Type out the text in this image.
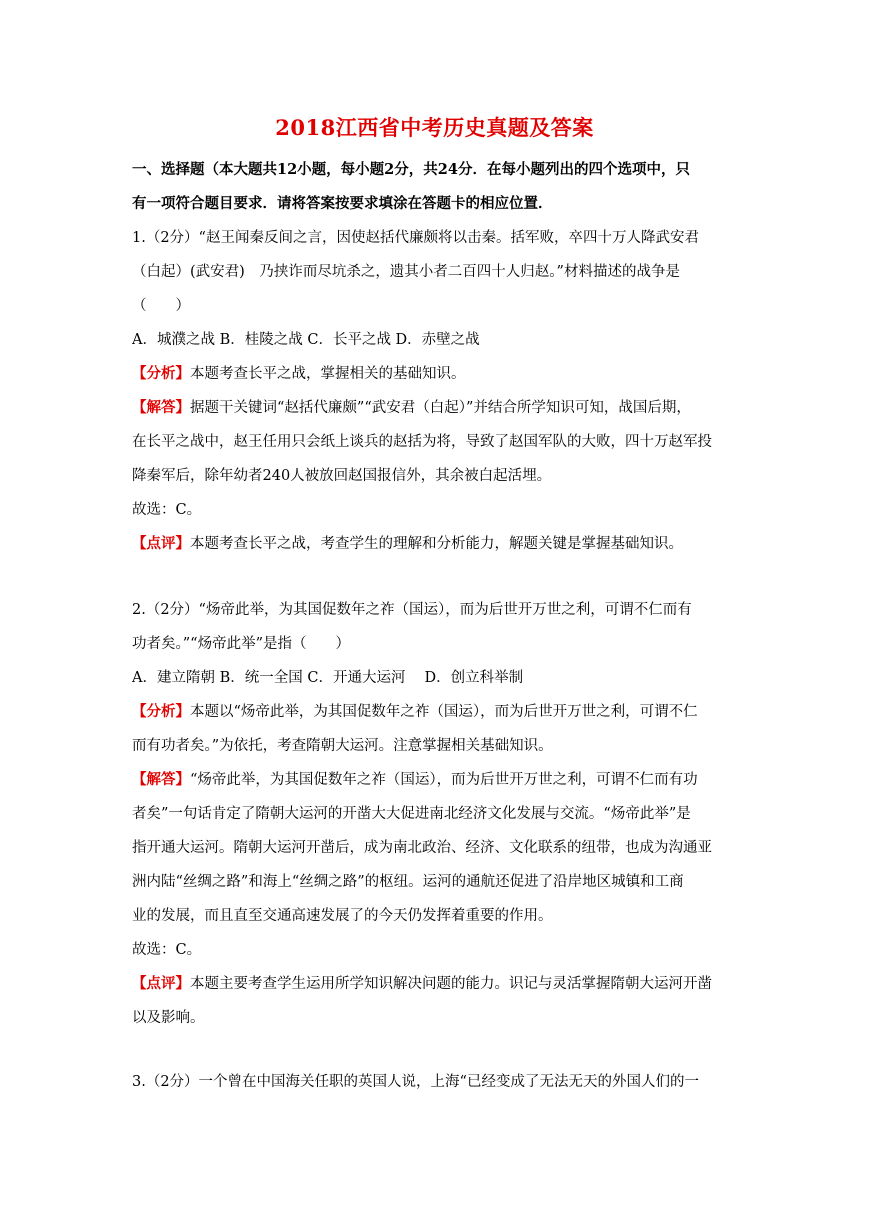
2018江西省中考历史真题及答案
一、选择题（本大题共12小题，每小题2分，共24分．在每小题列出的四个选项中，只
有一项符合题目要求．请将答案按要求填涂在答题卡的相应位置．
1.（2分）“赵王闻秦反间之言，因使赵括代廉颇将以击秦。括军败，卒四十万人降武安君
（白起）(武安君)　乃挟诈而尽坑杀之，遗其小者二百四十人归赵。”材料描述的战争是
（　　）
A．城濮之战 B．桂陵之战 C．长平之战 D．赤壁之战
【分析】本题考查长平之战，掌握相关的基础知识。
【解答】据题干关键词“赵括代廉颇”“武安君（白起）”并结合所学知识可知，战国后期，
在长平之战中，赵王任用只会纸上谈兵的赵括为将，导致了赵国军队的大败，四十万赵军投
降秦军后，除年幼者240人被放回赵国报信外，其余被白起活埋。
故选：C。
【点评】本题考查长平之战，考查学生的理解和分析能力，解题关键是掌握基础知识。
2.（2分）“炀帝此举，为其国促数年之祚（国运），而为后世开万世之利，可谓不仁而有
功者矣。”“炀帝此举”是指（　　）
A．建立隋朝 B．统一全国 C．开通大运河　 D．创立科举制
【分析】本题以“炀帝此举，为其国促数年之祚（国运），而为后世开万世之利，可谓不仁
而有功者矣。”为依托，考查隋朝大运河。注意掌握相关基础知识。
【解答】“炀帝此举，为其国促数年之祚（国运），而为后世开万世之利，可谓不仁而有功
者矣”一句话肯定了隋朝大运河的开凿大大促进南北经济文化发展与交流。“炀帝此举”是
指开通大运河。隋朝大运河开凿后，成为南北政治、经济、文化联系的纽带，也成为沟通亚
洲内陆“丝绸之路”和海上“丝绸之路”的枢纽。运河的通航还促进了沿岸地区城镇和工商
业的发展，而且直至交通高速发展了的今天仍发挥着重要的作用。
故选：C。
【点评】本题主要考查学生运用所学知识解决问题的能力。识记与灵活掌握隋朝大运河开凿
以及影响。
3.（2分）一个曾在中国海关任职的英国人说，上海“已经变成了无法无天的外国人们的一
